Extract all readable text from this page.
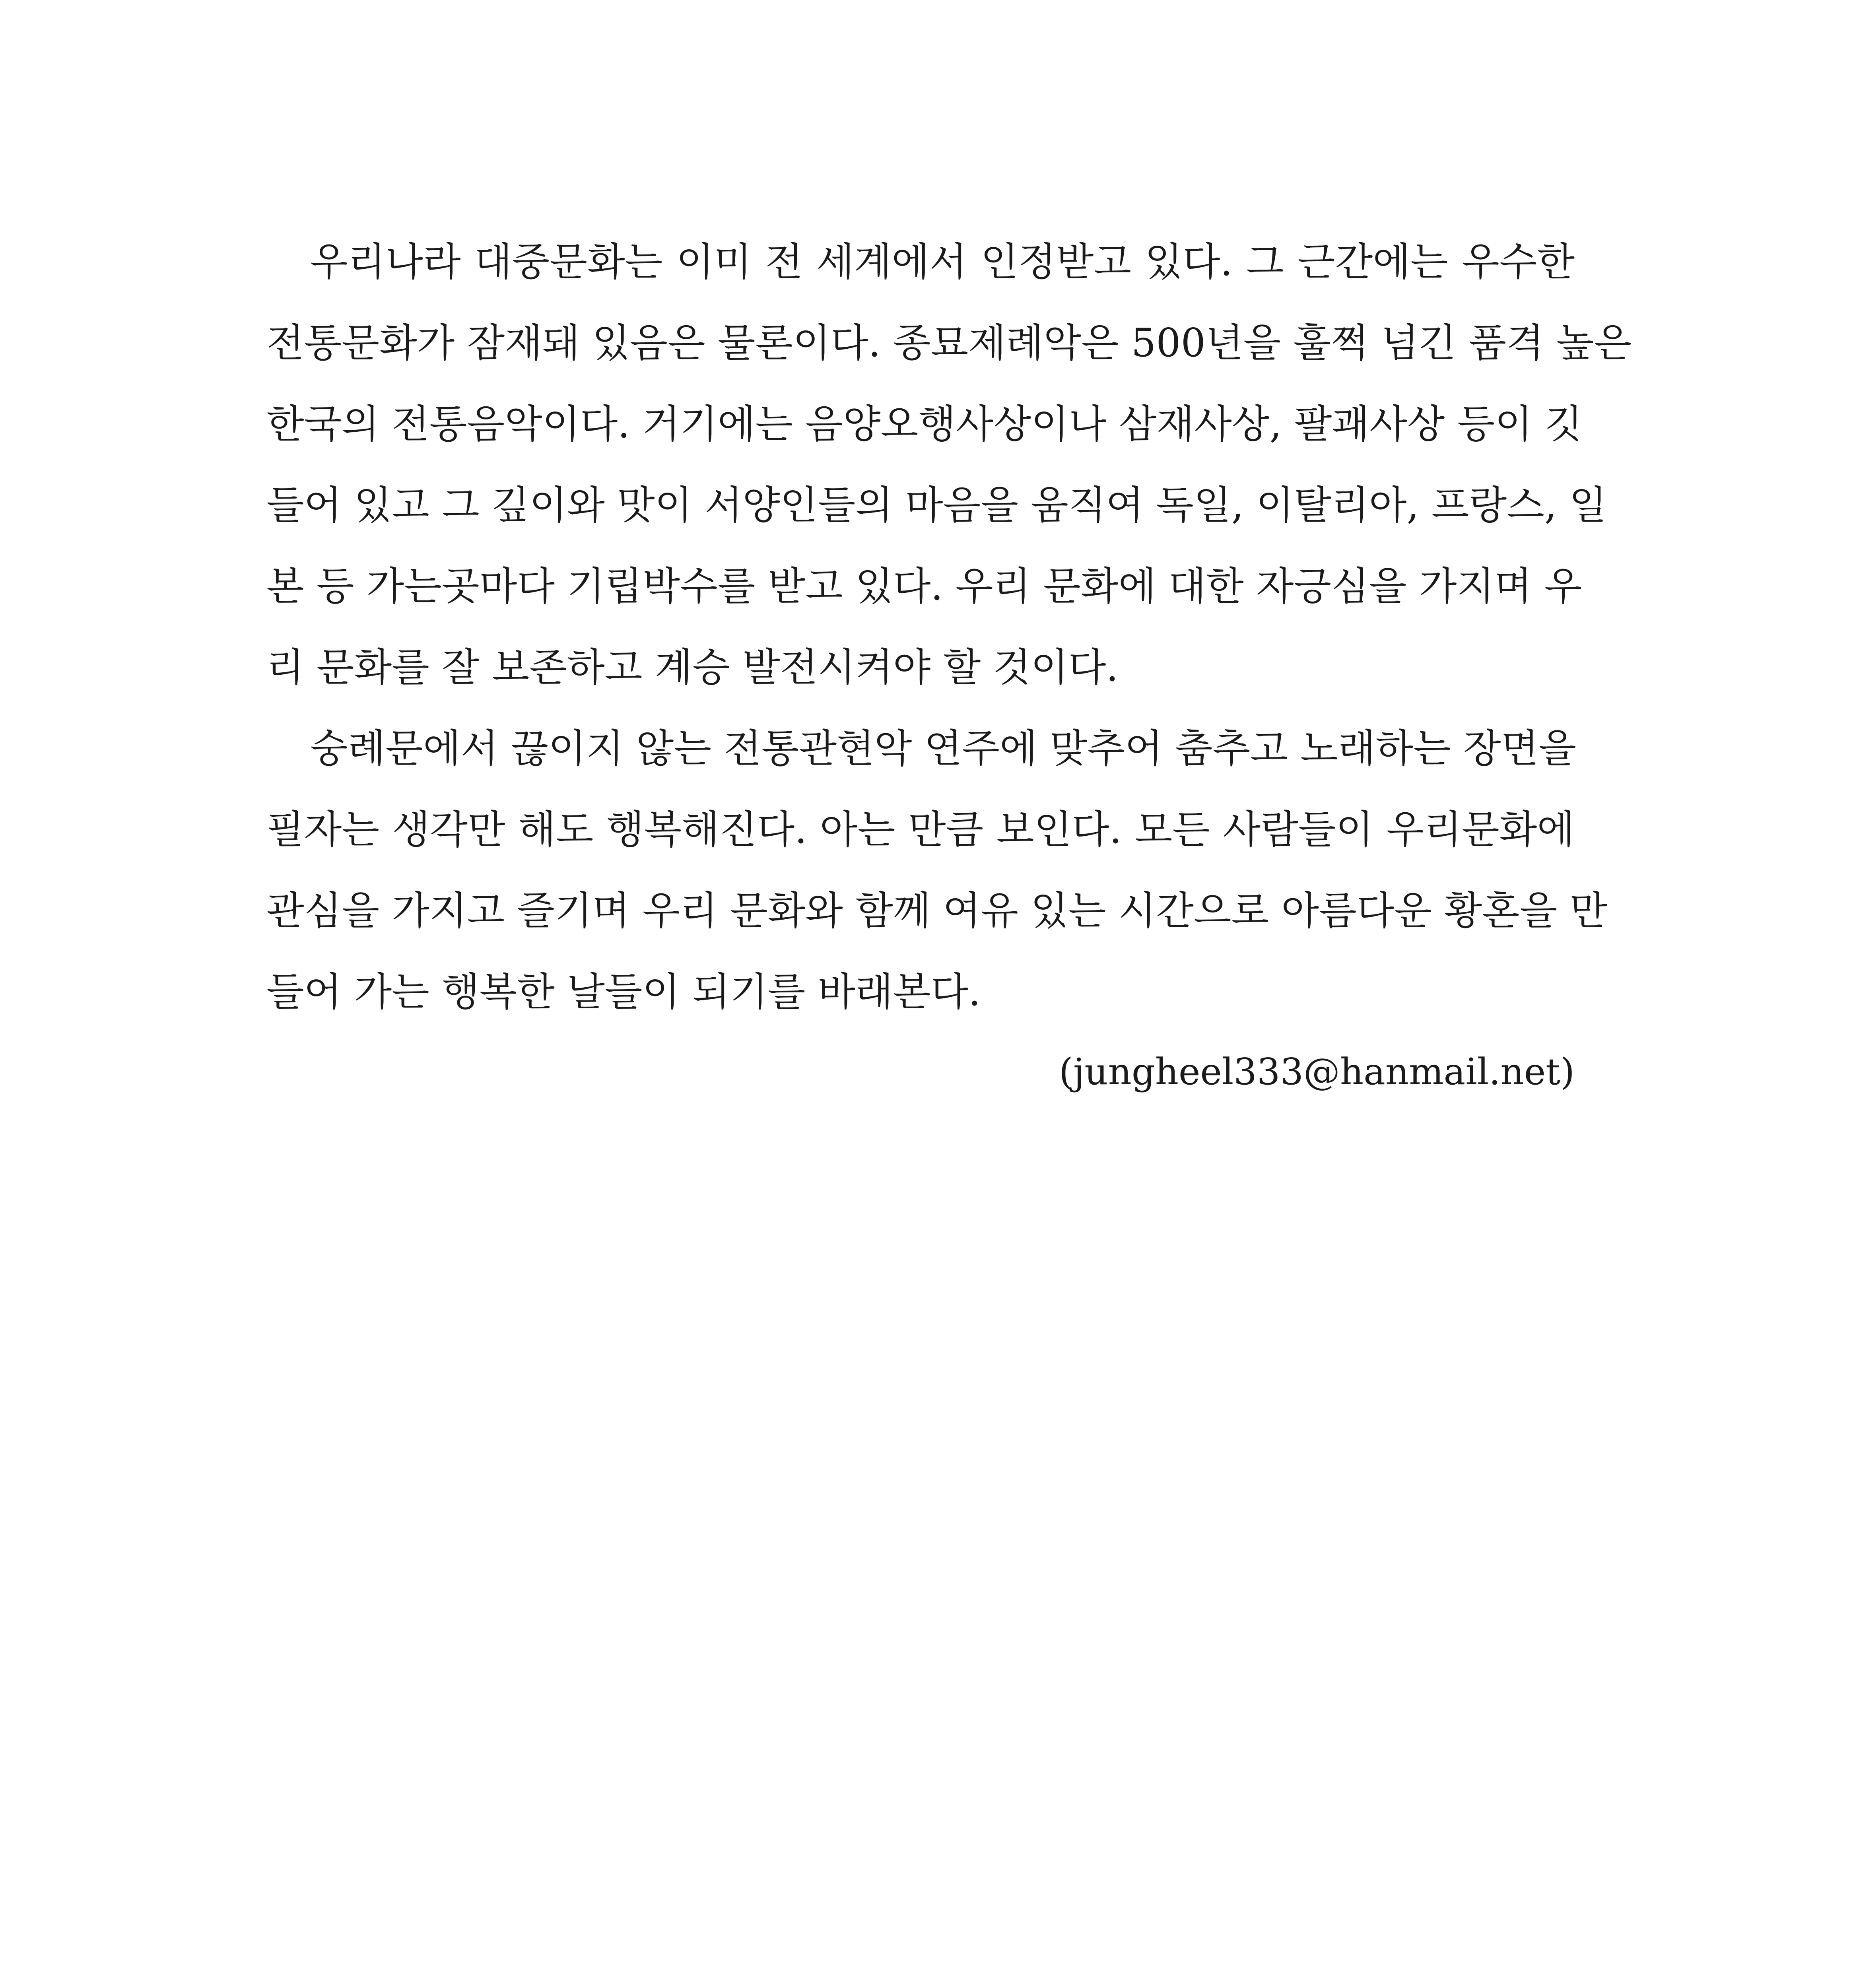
우리나라 대중문화는 이미 전 세계에서 인정받고 있다. 그 근간에는 우수한
전통문화가 잠재돼 있음은 물론이다. 종묘제례악은 500년을 훌쩍 넘긴 품격 높은
한국의 전통음악이다. 거기에는 음양오행사상이나 삼재사상, 팔괘사상 등이 깃
들어 있고 그 깊이와 맛이 서양인들의 마음을 움직여 독일, 이탈리아, 프랑스, 일
본 등 가는곳마다 기립박수를 받고 있다. 우리 문화에 대한 자긍심을 가지며 우
리 문화를 잘 보존하고 계승 발전시켜야 할 것이다.
숭례문에서 끊이지 않는 전통관현악 연주에 맞추어 춤추고 노래하는 장면을
필자는 생각만 해도 행복해진다. 아는 만큼 보인다. 모든 사람들이 우리문화에
관심을 가지고 즐기며 우리 문화와 함께 여유 있는 시간으로 아름다운 황혼을 만
들어 가는 행복한 날들이 되기를 바래본다.
(jungheel333@hanmail.net)
